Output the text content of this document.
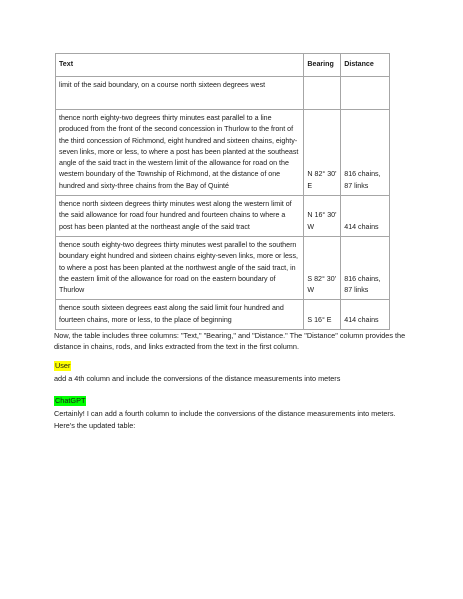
Text	Bearing	Distance
limit of the said boundary, on a course north sixteen degrees west		
thence north eighty-two degrees thirty minutes east parallel to a line produced from the front of the second concession in Thurlow to the front of the third concession of Richmond, eight hundred and sixteen chains, eighty-seven links, more or less, to where a post has been planted at the southeast angle of the said tract in the western limit of the allowance for road on the western boundary of the Township of Richmond, at the distance of one hundred and sixty-three chains from the Bay of Quinté	N 82° 30' E	816 chains, 87 links
thence north sixteen degrees thirty minutes west along the western limit of the said allowance for road four hundred and fourteen chains to where a post has been planted at the northeast angle of the said tract	N 16° 30' W	414 chains
thence south eighty-two degrees thirty minutes west parallel to the southern boundary eight hundred and sixteen chains eighty-seven links, more or less, to where a post has been planted at the northwest angle of the said tract, in the eastern limit of the allowance for road on the eastern boundary of Thurlow	S 82° 30' W	816 chains, 87 links
thence south sixteen degrees east along the said limit four hundred and fourteen chains, more or less, to the place of beginning	S 16° E	414 chains

Now, the table includes three columns: "Text," "Bearing," and "Distance." The "Distance" column provides the distance in chains, rods, and links extracted from the text in the first column.

User

add a 4th column and include the conversions of the distance measurements into meters

ChatGPT

Certainly! I can add a fourth column to include the conversions of the distance measurements into meters. Here's the updated table:
